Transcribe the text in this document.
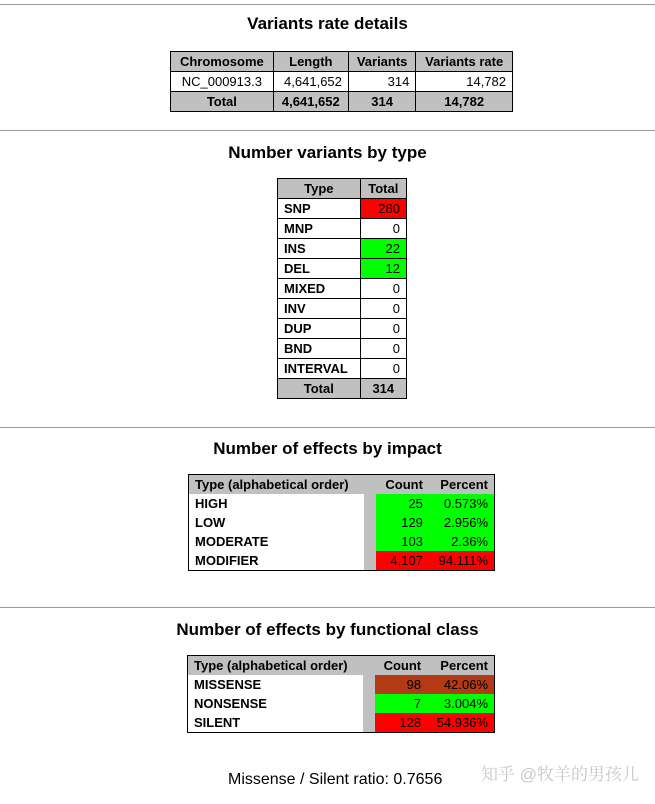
Variants rate details
Chromosome	Length	Variants	Variants rate
NC_000913.3	4,641,652	314	14,782
Total	4,641,652	314	14,782
Number variants by type
Type	Total
SNP	280
MNP	0
INS	22
DEL	12
MIXED	0
INV	0
DUP	0
BND	0
INTERVAL	0
Total	314
Number of effects by impact
Type (alphabetical order)		Count	Percent
HIGH		25	0.573%
LOW		129	2.956%
MODERATE		103	2.36%
MODIFIER		4,107	94.111%
Number of effects by functional class
Type (alphabetical order)		Count	Percent
MISSENSE		98	42.06%
NONSENSE		7	3.004%
SILENT		128	54.936%
Missense / Silent ratio: 0.7656 知乎 @牧羊的男孩儿
